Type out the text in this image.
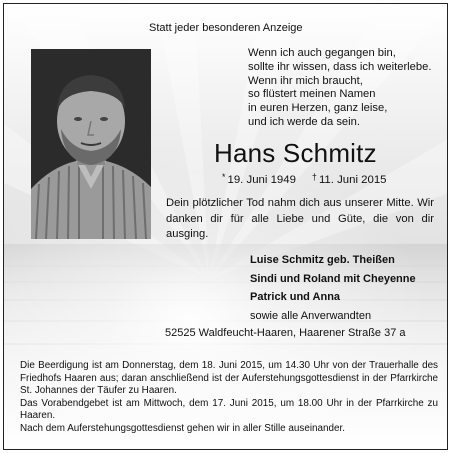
Statt jeder besonderen Anzeige
Wenn ich auch gegangen bin,
sollte ihr wissen, dass ich weiterlebe.
Wenn ihr mich braucht,
so flüstert meinen Namen
in euren Herzen, ganz leise,
und ich werde da sein.
Hans Schmitz
* 19. Juni 1949 † 11. Juni 2015
Dein plötzlicher Tod nahm dich aus unserer Mitte. Wir danken dir für alle Liebe und Güte, die von dir ausging.
Luise Schmitz geb. Theißen
Sindi und Roland mit Cheyenne
Patrick und Anna
sowie alle Anverwandten
52525 Waldfeucht-Haaren, Haarener Straße 37 a

Die Beerdigung ist am Donnerstag, dem 18. Juni 2015, um 14.30 Uhr von der Trauerhalle des Friedhofs Haaren aus; daran anschließend ist der Auferstehungsgottesdienst in der Pfarrkirche St. Johannes der Täufer zu Haaren.

Das Vorabendgebet ist am Mittwoch, dem 17. Juni 2015, um 18.00 Uhr in der Pfarrkirche zu Haaren.

Nach dem Auferstehungsgottesdienst gehen wir in aller Stille auseinander.
